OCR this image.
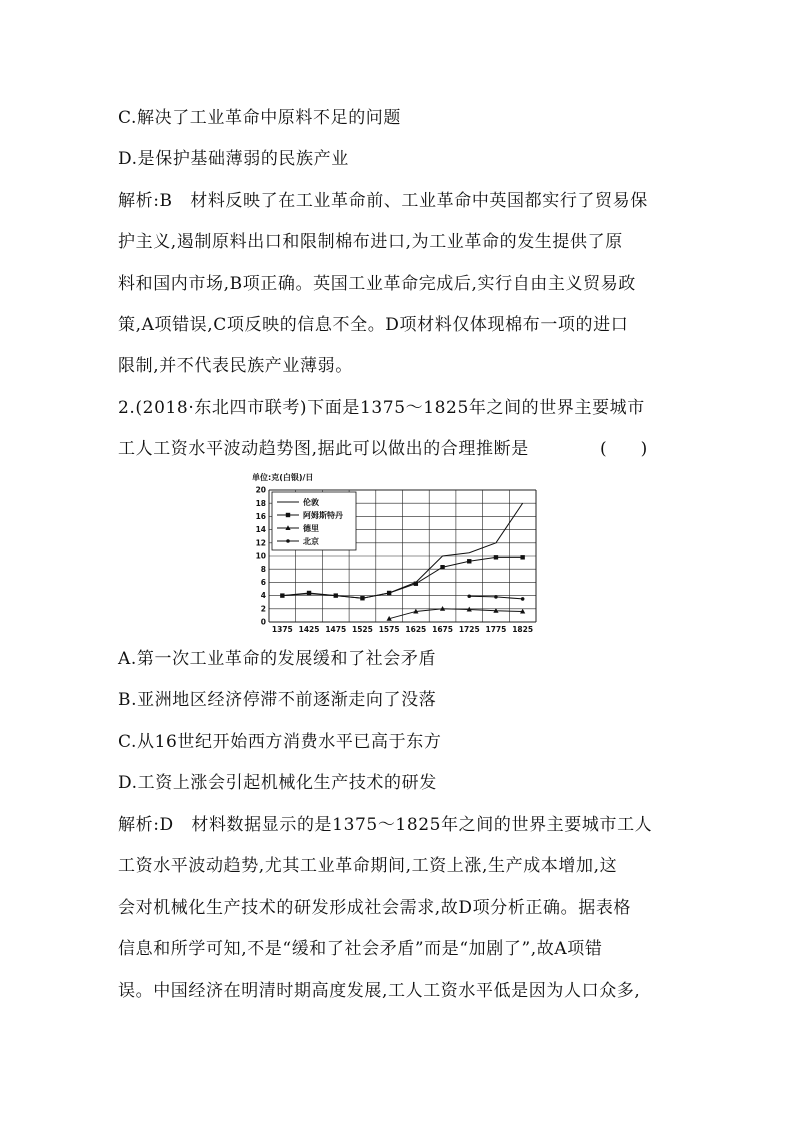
C.解决了工业革命中原料不足的问题
D.是保护基础薄弱的民族产业
解析:B　材料反映了在工业革命前、工业革命中英国都实行了贸易保
护主义,遏制原料出口和限制棉布进口,为工业革命的发生提供了原
料和国内市场,B项正确。英国工业革命完成后,实行自由主义贸易政
策,A项错误,C项反映的信息不全。D项材料仅体现棉布一项的进口
限制,并不代表民族产业薄弱。
2.(2018·东北四市联考)下面是1375～1825年之间的世界主要城市
工人工资水平波动趋势图,据此可以做出的合理推断是	(　　)
单位:克(白银)/日
0
2
4
6
8
10
12
14
16
18
20
1375 1425 1475 1525 1575 1625 1675 1725 1775 1825
伦敦
阿姆斯特丹
德里
北京
A.第一次工业革命的发展缓和了社会矛盾
B.亚洲地区经济停滞不前逐渐走向了没落
C.从16世纪开始西方消费水平已高于东方
D.工资上涨会引起机械化生产技术的研发
解析:D　材料数据显示的是1375～1825年之间的世界主要城市工人
工资水平波动趋势,尤其工业革命期间,工资上涨,生产成本增加,这
会对机械化生产技术的研发形成社会需求,故D项分析正确。据表格
信息和所学可知,不是“缓和了社会矛盾”而是“加剧了”,故A项错
误。中国经济在明清时期高度发展,工人工资水平低是因为人口众多,
